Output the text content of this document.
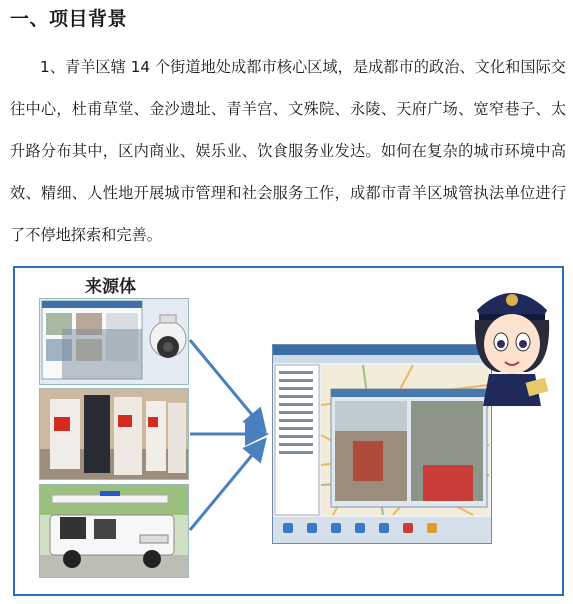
一、项目背景
1、青羊区辖 14 个街道地处成都市核心区域，是成都市的政治、文化和国际交往中心，杜甫草堂、金沙遗址、青羊宫、文殊院、永陵、天府广场、宽窄巷子、太升路分布其中，区内商业、娱乐业、饮食服务业发达。如何在复杂的城市环境中高效、精细、人性地开展城市管理和社会服务工作，成都市青羊区城管执法单位进行了不停地探索和完善。
来源体
